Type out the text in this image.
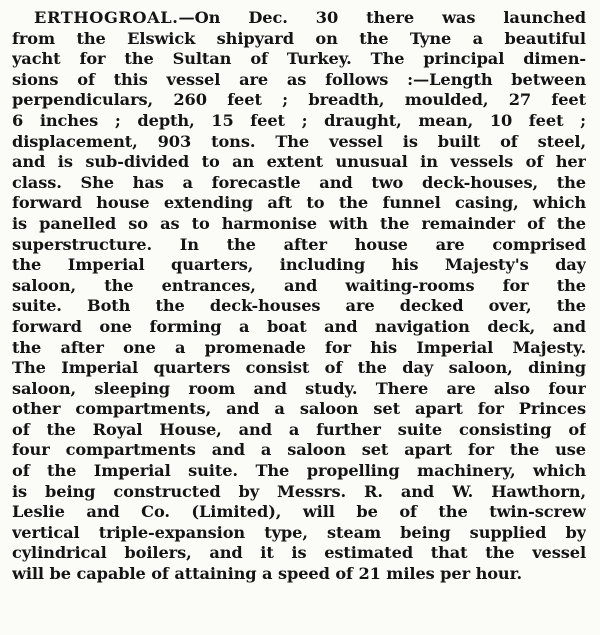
ERTHOGROAL.—On Dec. 30 there was launched
from the Elswick shipyard on the Tyne a beautiful
yacht for the Sultan of Turkey. The principal dimen-
sions of this vessel are as follows :—Length between
perpendiculars, 260 feet ; breadth, moulded, 27 feet
6 inches ; depth, 15 feet ; draught, mean, 10 feet ;
displacement, 903 tons. The vessel is built of steel,
and is sub-divided to an extent unusual in vessels of her
class. She has a forecastle and two deck-houses, the
forward house extending aft to the funnel casing, which
is panelled so as to harmonise with the remainder of the
superstructure. In the after house are comprised
the Imperial quarters, including his Majesty's day
saloon, the entrances, and waiting-rooms for the
suite. Both the deck-houses are decked over, the
forward one forming a boat and navigation deck, and
the after one a promenade for his Imperial Majesty.
The Imperial quarters consist of the day saloon, dining
saloon, sleeping room and study. There are also four
other compartments, and a saloon set apart for Princes
of the Royal House, and a further suite consisting of
four compartments and a saloon set apart for the use
of the Imperial suite. The propelling machinery, which
is being constructed by Messrs. R. and W. Hawthorn,
Leslie and Co. (Limited), will be of the twin-screw
vertical triple-expansion type, steam being supplied by
cylindrical boilers, and it is estimated that the vessel
will be capable of attaining a speed of 21 miles per hour.
